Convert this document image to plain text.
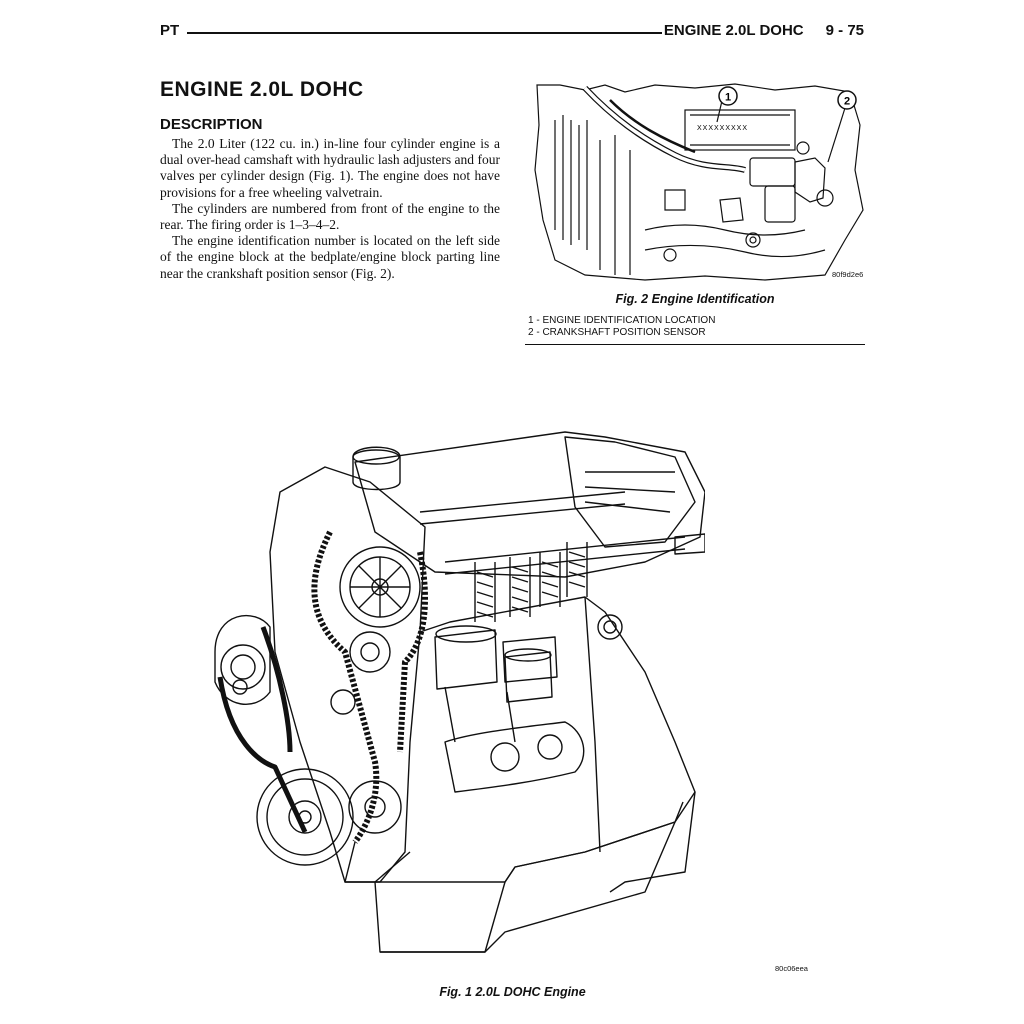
PT	ENGINE 2.0L DOHC 9 - 75
ENGINE 2.0L DOHC
DESCRIPTION

The 2.0 Liter (122 cu. in.) in-line four cylinder engine is a dual over-head camshaft with hydraulic lash adjusters and four valves per cylinder design (Fig. 1). The engine does not have provisions for a free wheeling valvetrain.

The cylinders are numbered from front of the engine to the rear. The firing order is 1–3–4–2.

The engine identification number is located on the left side of the engine block at the bedplate/engine block parting line near the crankshaft position sensor (Fig. 2).

XXXXXXXXX
1	2
80f9d2e6
Fig. 2 Engine Identification
1 - ENGINE IDENTIFICATION LOCATION
2 - CRANKSHAFT POSITION SENSOR
80c06eea
Fig. 1 2.0L DOHC Engine
